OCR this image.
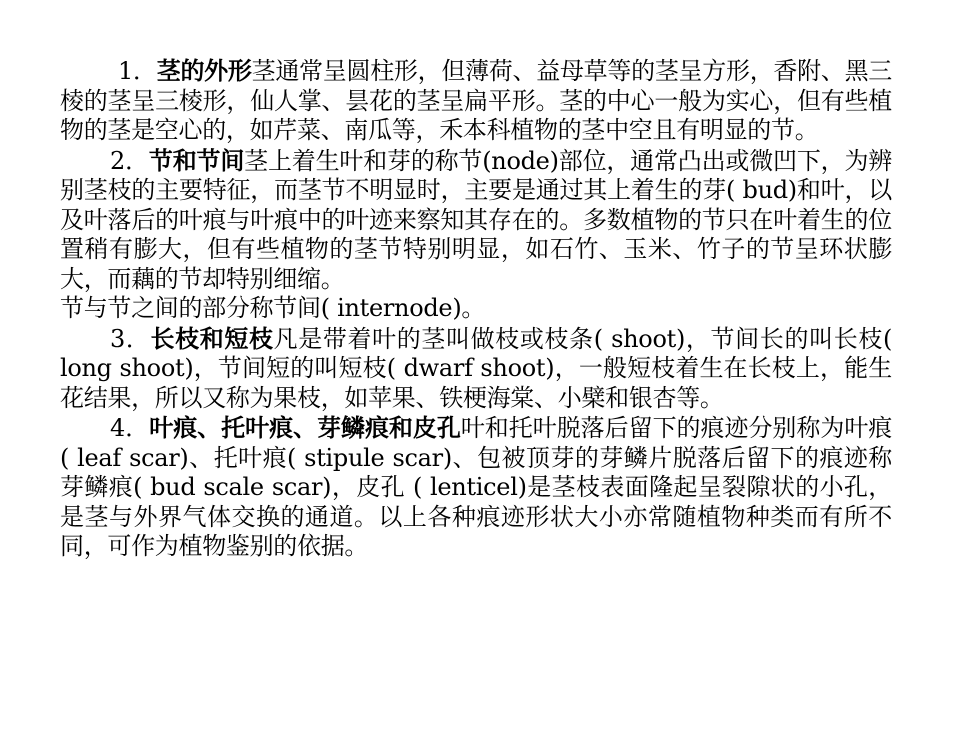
1．茎的外形茎通常呈圆柱形，但薄荷、益母草等的茎呈方形，香附、黑三棱的茎呈三棱形，仙人掌、昙花的茎呈扁平形。茎的中心一般为实心，但有些植物的茎是空心的，如芹菜、南瓜等，禾本科植物的茎中空且有明显的节。

2．节和节间茎上着生叶和芽的称节(node)部位，通常凸出或微凹下，为辨别茎枝的主要特征，而茎节不明显时，主要是通过其上着生的芽( bud)和叶，以及叶落后的叶痕与叶痕中的叶迹来察知其存在的。多数植物的节只在叶着生的位置稍有膨大，但有些植物的茎节特别明显，如石竹、玉米、竹子的节呈环状膨大，而藕的节却特别细缩。

节与节之间的部分称节间( internode)。

3．长枝和短枝凡是带着叶的茎叫做枝或枝条( shoot)，节间长的叫长枝( long shoot)，节间短的叫短枝( dwarf shoot)，一般短枝着生在长枝上，能生花结果，所以又称为果枝，如苹果、铁梗海棠、小檗和银杏等。

4．叶痕、托叶痕、芽鳞痕和皮孔叶和托叶脱落后留下的痕迹分别称为叶痕( leaf scar)、托叶痕( stipule scar)、包被顶芽的芽鳞片脱落后留下的痕迹称芽鳞痕( bud scale scar)，皮孔 ( lenticel)是茎枝表面隆起呈裂隙状的小孔，是茎与外界气体交换的通道。以上各种痕迹形状大小亦常随植物种类而有所不同，可作为植物鉴别的依据。
